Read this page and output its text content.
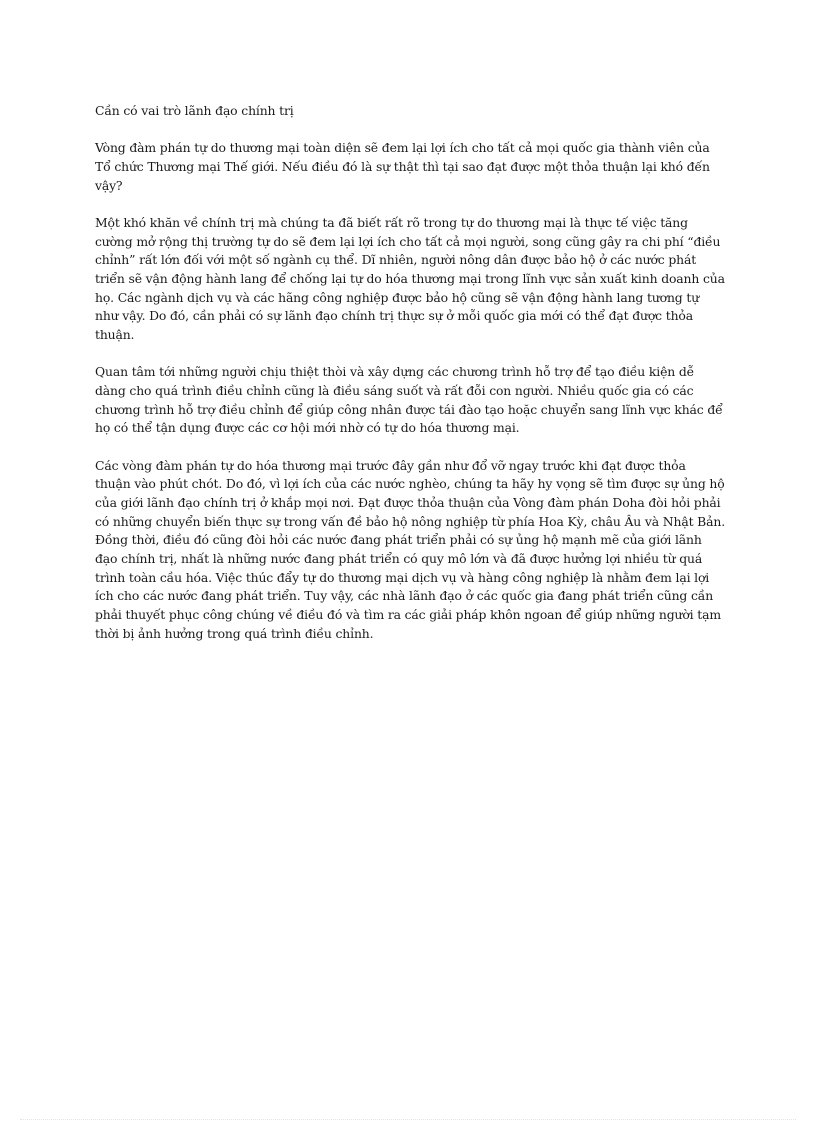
Cần có vai trò lãnh đạo chính trị

Vòng đàm phán tự do thương mại toàn diện sẽ đem lại lợi ích cho tất cả mọi quốc gia thành viên của Tổ chức Thương mại Thế giới. Nếu điều đó là sự thật thì tại sao đạt được một thỏa thuận lại khó đến vậy?

Một khó khăn về chính trị mà chúng ta đã biết rất rõ trong tự do thương mại là thực tế việc tăng cường mở rộng thị trường tự do sẽ đem lại lợi ích cho tất cả mọi người, song cũng gây ra chi phí “điều chỉnh” rất lớn đối với một số ngành cụ thể. Dĩ nhiên, người nông dân được bảo hộ ở các nước phát triển sẽ vận động hành lang để chống lại tự do hóa thương mại trong lĩnh vực sản xuất kinh doanh của họ. Các ngành dịch vụ và các hãng công nghiệp được bảo hộ cũng sẽ vận động hành lang tương tự như vậy. Do đó, cần phải có sự lãnh đạo chính trị thực sự ở mỗi quốc gia mới có thể đạt được thỏa thuận.

Quan tâm tới những người chịu thiệt thòi và xây dựng các chương trình hỗ trợ để tạo điều kiện dễ dàng cho quá trình điều chỉnh cũng là điều sáng suốt và rất đỗi con người. Nhiều quốc gia có các chương trình hỗ trợ điều chỉnh để giúp công nhân được tái đào tạo hoặc chuyển sang lĩnh vực khác để họ có thể tận dụng được các cơ hội mới nhờ có tự do hóa thương mại.

Các vòng đàm phán tự do hóa thương mại trước đây gần như đổ vỡ ngay trước khi đạt được thỏa thuận vào phút chót. Do đó, vì lợi ích của các nước nghèo, chúng ta hãy hy vọng sẽ tìm được sự ủng hộ của giới lãnh đạo chính trị ở khắp mọi nơi. Đạt được thỏa thuận của Vòng đàm phán Doha đòi hỏi phải có những chuyển biến thực sự trong vấn đề bảo hộ nông nghiệp từ phía Hoa Kỳ, châu Âu và Nhật Bản. Đồng thời, điều đó cũng đòi hỏi các nước đang phát triển phải có sự ủng hộ mạnh mẽ của giới lãnh đạo chính trị, nhất là những nước đang phát triển có quy mô lớn và đã được hưởng lợi nhiều từ quá trình toàn cầu hóa. Việc thúc đẩy tự do thương mại dịch vụ và hàng công nghiệp là nhằm đem lại lợi ích cho các nước đang phát triển. Tuy vậy, các nhà lãnh đạo ở các quốc gia đang phát triển cũng cần phải thuyết phục công chúng về điều đó và tìm ra các giải pháp khôn ngoan để giúp những người tạm thời bị ảnh hưởng trong quá trình điều chỉnh.
